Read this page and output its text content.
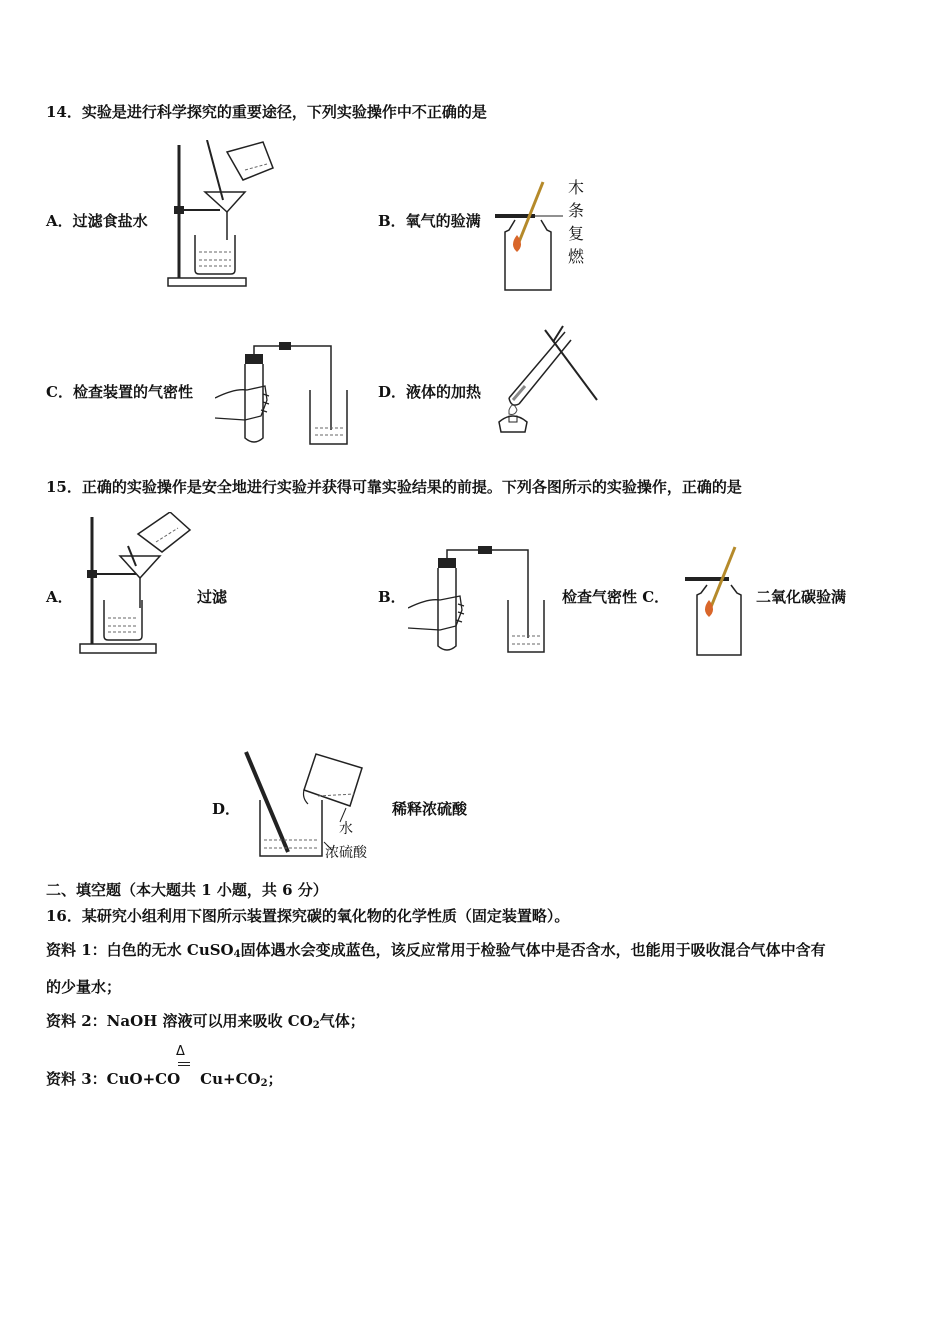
14．实验是进行科学探究的重要途径，下列实验操作中不正确的是
A．过滤食盐水	B．氧气的验满
木
条
复
燃
C．检查装置的气密性	D．液体的加热
15．正确的实验操作是安全地进行实验并获得可靠实验结果的前提。下列各图所示的实验操作，正确的是
A．	过滤	B．	检查气密性 C．	二氧化碳验满
D．
水
浓硫酸
稀释浓硫酸
二、填空题（本大题共 1 小题，共 6 分）
16．某研究小组利用下图所示装置探究碳的氧化物的化学性质（固定装置略）。
资料 1：白色的无水 CuSO$_4$固体遇水会变成蓝色，该反应常用于检验气体中是否含水，也能用于吸收混合气体中含有
的少量水；
资料 2：NaOH 溶液可以用来吸收 $CO_2$气体；
资料 3：CuO+CO $Cu+CO_2$；
Δ
